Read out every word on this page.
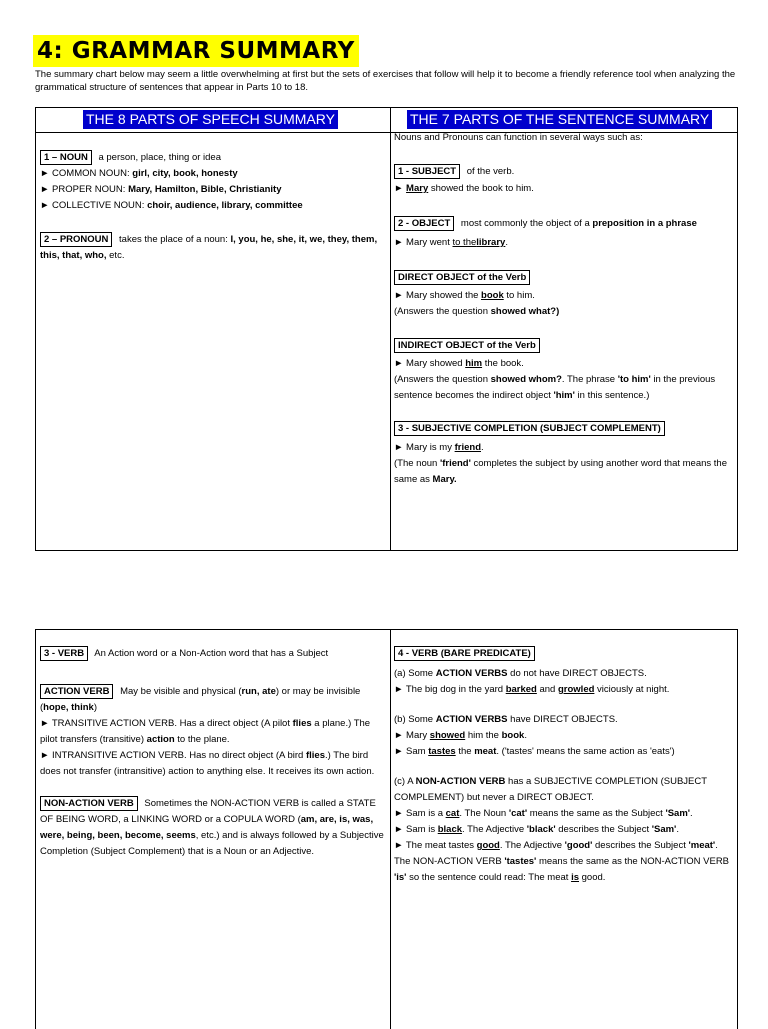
4: GRAMMAR SUMMARY
The summary chart below may seem a little overwhelming at first but the sets of exercises that follow will help it to become a friendly reference tool when analyzing the grammatical structure of sentences that appear in Parts 10 to 18.
THE 8 PARTS OF SPEECH SUMMARY	THE 7 PARTS OF THE SENTENCE SUMMARY
1 – NOUN a person, place, thing or idea
► COMMON NOUN: girl, city, book, honesty
► PROPER NOUN: Mary, Hamilton, Bible, Christianity
► COLLECTIVE NOUN: choir, audience, library, committee
2 – PRONOUN takes the place of a noun: I, you, he, she, it, we, they, them, this, that, who, etc.
Nouns and Pronouns can function in several ways such as:
1 - SUBJECT of the verb.
► Mary showed the book to him.
2 - OBJECT most commonly the object of a preposition in a phrase
► Mary went to thelibrary.
DIRECT OBJECT of the Verb
► Mary showed the book to him.
(Answers the question showed what?)
INDIRECT OBJECT of the Verb
► Mary showed him the book.
(Answers the question showed whom?. The phrase 'to him' in the previous sentence becomes the indirect object 'him' in this sentence.)
3 - SUBJECTIVE COMPLETION (SUBJECT COMPLEMENT)
► Mary is my friend.
(The noun 'friend' completes the subject by using another word that means the same as Mary.
3 - VERB An Action word or a Non-Action word that has a Subject
ACTION VERB May be visible and physical (run, ate) or may be invisible (hope, think)
► TRANSITIVE ACTION VERB. Has a direct object (A pilot flies a plane.) The pilot transfers (transitive) action to the plane.
► INTRANSITIVE ACTION VERB. Has no direct object (A bird flies.) The bird does not transfer (intransitive) action to anything else. It receives its own action.
NON-ACTION VERB Sometimes the NON-ACTION VERB is called a STATE OF BEING WORD, a LINKING WORD or a COPULA WORD (am, are, is, was, were, being, been, become, seems, etc.) and is always followed by a Subjective Completion (Subject Complement) that is a Noun or an Adjective.
4 - VERB (BARE PREDICATE)
(a) Some ACTION VERBS do not have DIRECT OBJECTS.
► The big dog in the yard barked and growled viciously at night.
(b) Some ACTION VERBS have DIRECT OBJECTS.
► Mary showed him the book.
► Sam tastes the meat. ('tastes' means the same action as 'eats')
(c) A NON-ACTION VERB has a SUBJECTIVE COMPLETION (SUBJECT COMPLEMENT) but never a DIRECT OBJECT.
► Sam is a cat. The Noun 'cat' means the same as the Subject 'Sam'.
► Sam is black. The Adjective 'black' describes the Subject 'Sam'.
► The meat tastes good. The Adjective 'good' describes the Subject 'meat'.
The NON-ACTION VERB 'tastes' means the same as the NON-ACTION VERB 'is' so the sentence could read: The meat is good.
